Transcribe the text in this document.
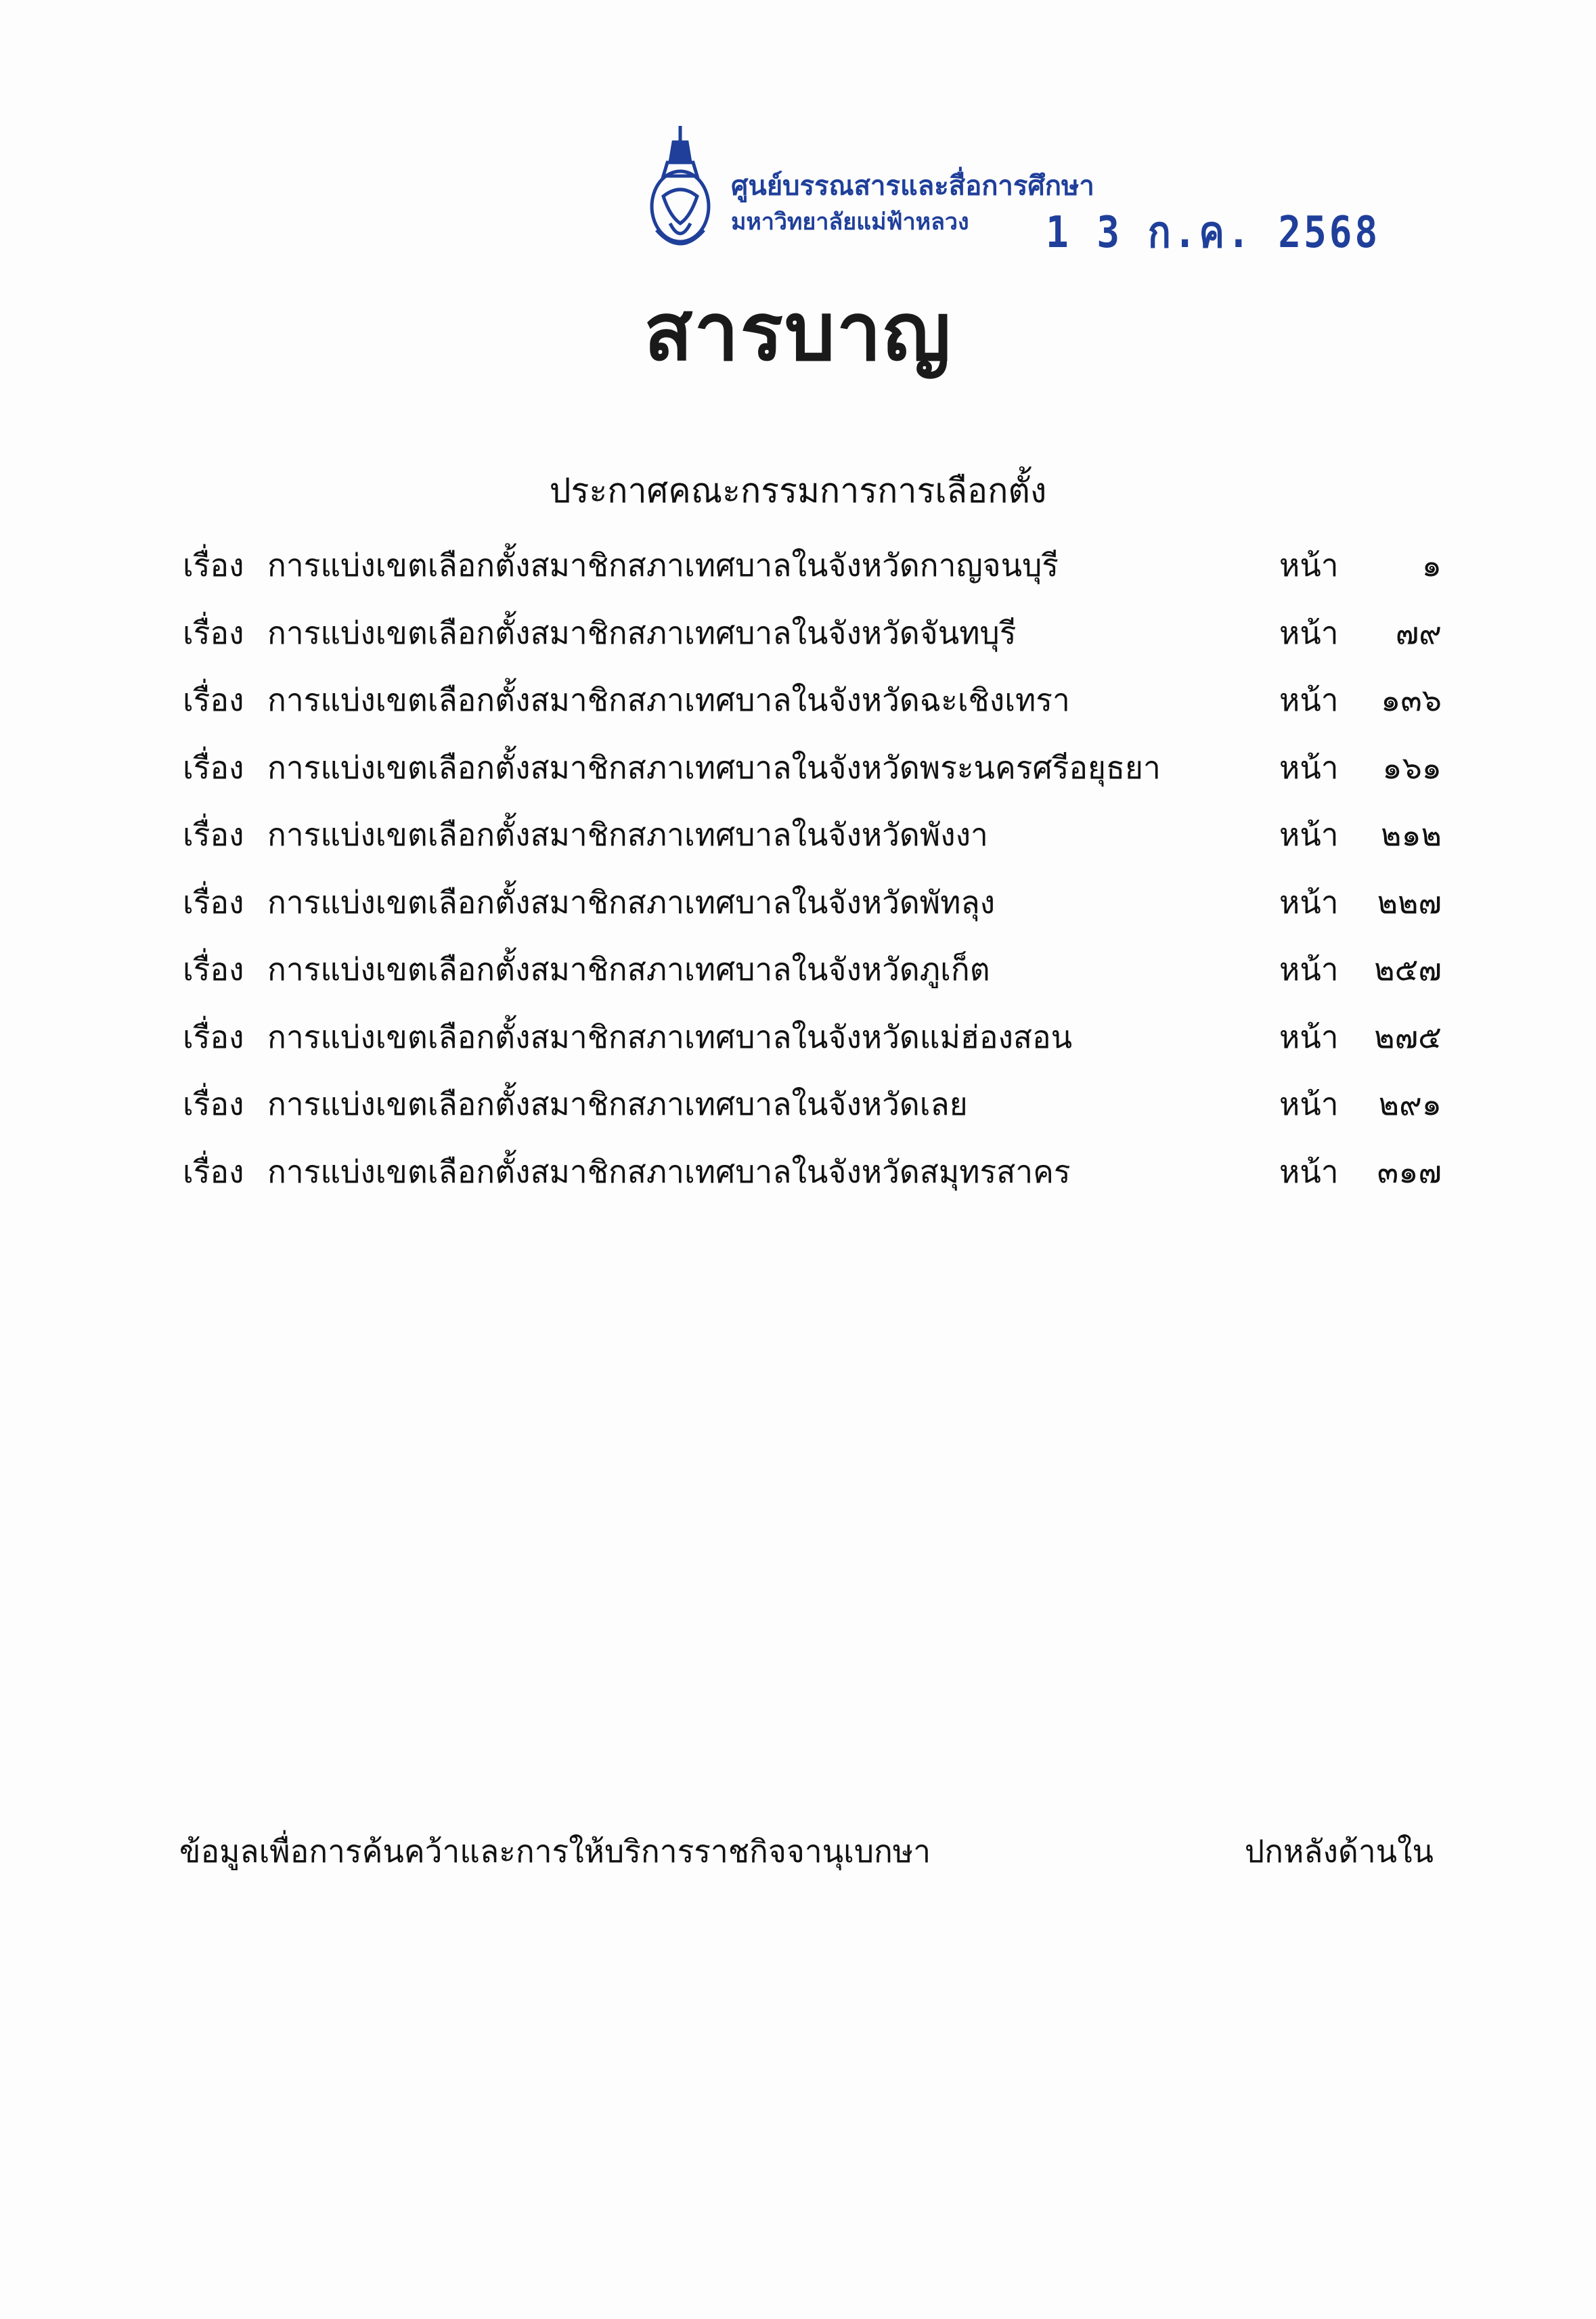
ศูนย์บรรณสารและสื่อการศึกษา
มหาวิทยาลัยแม่ฟ้าหลวง 1 3 ก.ค. 2568
สารบาญ
ประกาศคณะกรรมการการเลือกตั้ง
เรื่อง การแบ่งเขตเลือกตั้งสมาชิกสภาเทศบาลในจังหวัดกาญจนบุรี	หน้า	๑
เรื่อง การแบ่งเขตเลือกตั้งสมาชิกสภาเทศบาลในจังหวัดจันทบุรี	หน้า ๗๙
เรื่อง การแบ่งเขตเลือกตั้งสมาชิกสภาเทศบาลในจังหวัดฉะเชิงเทรา	หน้า ๑๓๖
เรื่อง การแบ่งเขตเลือกตั้งสมาชิกสภาเทศบาลในจังหวัดพระนครศรีอยุธยา	หน้า ๑๖๑
เรื่อง การแบ่งเขตเลือกตั้งสมาชิกสภาเทศบาลในจังหวัดพังงา	หน้า ๒๑๒
เรื่อง การแบ่งเขตเลือกตั้งสมาชิกสภาเทศบาลในจังหวัดพัทลุง	หน้า ๒๒๗
เรื่อง การแบ่งเขตเลือกตั้งสมาชิกสภาเทศบาลในจังหวัดภูเก็ต	หน้า ๒๕๗
เรื่อง การแบ่งเขตเลือกตั้งสมาชิกสภาเทศบาลในจังหวัดแม่ฮ่องสอน	หน้า ๒๗๕
เรื่อง การแบ่งเขตเลือกตั้งสมาชิกสภาเทศบาลในจังหวัดเลย	หน้า ๒๙๑
เรื่อง การแบ่งเขตเลือกตั้งสมาชิกสภาเทศบาลในจังหวัดสมุทรสาคร	หน้า ๓๑๗
ข้อมูลเพื่อการค้นคว้าและการให้บริการราชกิจจานุเบกษา	ปกหลังด้านใน
